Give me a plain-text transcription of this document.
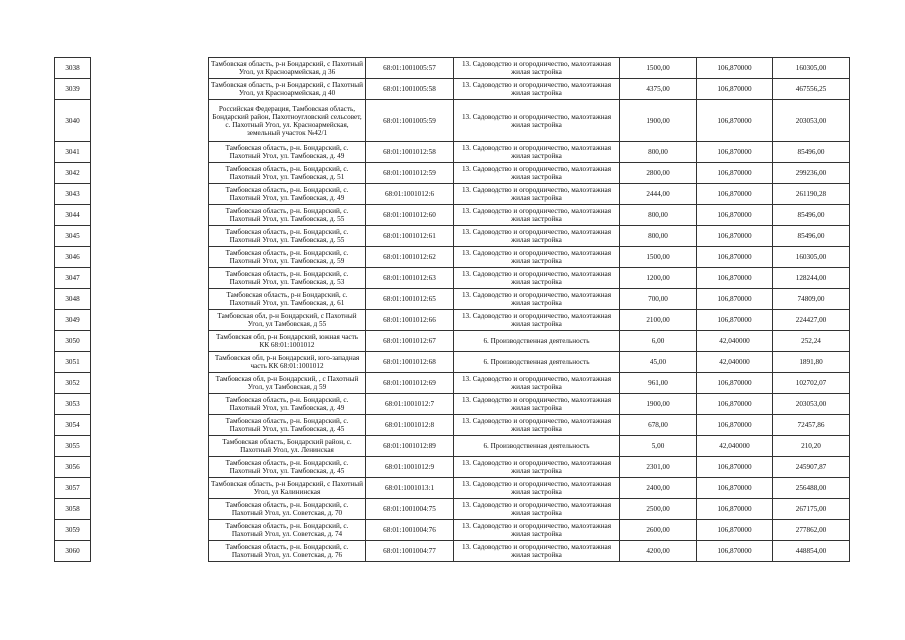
3038		Тамбовская область, р-н Бондарский, с Пахотный Угол, ул Красноармейская, д 36	68:01:1001005:57	13. Садоводство и огородничество, малоэтажная жилая застройка	1500,00	106,870000	160305,00
3039		Тамбовская область, р-н Бондарский, с Пахотный Угол, ул Красноармейская, д 40	68:01:1001005:58	13. Садоводство и огородничество, малоэтажная жилая застройка	4375,00	106,870000	467556,25
3040		Российская Федерация, Тамбовская область, Бондарский район, Пахотноугловский сельсовет, с. Пахотный Угол, ул. Красноармейская, земельный участок №42/1	68:01:1001005:59	13. Садоводство и огородничество, малоэтажная жилая застройка	1900,00	106,870000	203053,00
3041		Тамбовская область, р-н. Бондарский, с. Пахотный Угол, ул. Тамбовская, д. 49	68:01:1001012:58	13. Садоводство и огородничество, малоэтажная жилая застройка	800,00	106,870000	85496,00
3042		Тамбовская область, р-н. Бондарский, с. Пахотный Угол, ул. Тамбовская, д. 51	68:01:1001012:59	13. Садоводство и огородничество, малоэтажная жилая застройка	2800,00	106,870000	299236,00
3043		Тамбовская область, р-н. Бондарский, с. Пахотный Угол, ул. Тамбовская, д. 49	68:01:1001012:6	13. Садоводство и огородничество, малоэтажная жилая застройка	2444,00	106,870000	261190,28
3044		Тамбовская область, р-н. Бондарский, с. Пахотный Угол, ул. Тамбовская, д. 55	68:01:1001012:60	13. Садоводство и огородничество, малоэтажная жилая застройка	800,00	106,870000	85496,00
3045		Тамбовская область, р-н. Бондарский, с. Пахотный Угол, ул. Тамбовская, д. 55	68:01:1001012:61	13. Садоводство и огородничество, малоэтажная жилая застройка	800,00	106,870000	85496,00
3046		Тамбовская область, р-н. Бондарский, с. Пахотный Угол, ул. Тамбовская, д. 59	68:01:1001012:62	13. Садоводство и огородничество, малоэтажная жилая застройка	1500,00	106,870000	160305,00
3047		Тамбовская область, р-н. Бондарский, с. Пахотный Угол, ул. Тамбовская, д. 53	68:01:1001012:63	13. Садоводство и огородничество, малоэтажная жилая застройка	1200,00	106,870000	128244,00
3048		Тамбовская область, р-н Бондарский, с. Пахотный Угол, ул. Тамбовская, д. 61	68:01:1001012:65	13. Садоводство и огородничество, малоэтажная жилая застройка	700,00	106,870000	74809,00
3049		Тамбовская обл, р-н Бондарский, с Пахотный Угол, ул Тамбовская, д 55	68:01:1001012:66	13. Садоводство и огородничество, малоэтажная жилая застройка	2100,00	106,870000	224427,00
3050		Тамбовская обл, р-н Бондарский, южная часть КК 68:01:1001012	68:01:1001012:67	6. Производственная деятельность	6,00	42,040000	252,24
3051		Тамбовская обл, р-н Бондарский, юго-западная часть КК 68:01:1001012	68:01:1001012:68	6. Производственная деятельность	45,00	42,040000	1891,80
3052		Тамбовская обл, р-н Бондарский, , с Пахотный Угол, ул Тамбовская, д 59	68:01:1001012:69	13. Садоводство и огородничество, малоэтажная жилая застройка	961,00	106,870000	102702,07
3053		Тамбовская область, р-н. Бондарский, с. Пахотный Угол, ул. Тамбовская, д. 49	68:01:1001012:7	13. Садоводство и огородничество, малоэтажная жилая застройка	1900,00	106,870000	203053,00
3054		Тамбовская область, р-н. Бондарский, с. Пахотный Угол, ул. Тамбовская, д. 45	68:01:1001012:8	13. Садоводство и огородничество, малоэтажная жилая застройка	678,00	106,870000	72457,86
3055		Тамбовская область, Бондарский район, с. Пахотный Угол, ул. Ленинская	68:01:1001012:89	6. Производственная деятельность	5,00	42,040000	210,20
3056		Тамбовская область, р-н. Бондарский, с. Пахотный Угол, ул. Тамбовская, д. 45	68:01:1001012:9	13. Садоводство и огородничество, малоэтажная жилая застройка	2301,00	106,870000	245907,87
3057		Тамбовская область, р-н Бондарский, с Пахотный Угол, ул Калининская	68:01:1001013:1	13. Садоводство и огородничество, малоэтажная жилая застройка	2400,00	106,870000	256488,00
3058		Тамбовская область, р-н. Бондарский, с. Пахотный Угол, ул. Советская, д. 70	68:01:1001004:75	13. Садоводство и огородничество, малоэтажная жилая застройка	2500,00	106,870000	267175,00
3059		Тамбовская область, р-н. Бондарский, с. Пахотный Угол, ул. Советская, д. 74	68:01:1001004:76	13. Садоводство и огородничество, малоэтажная жилая застройка	2600,00	106,870000	277862,00
3060		Тамбовская область, р-н. Бондарский, с. Пахотный Угол, ул. Советская, д. 76	68:01:1001004:77	13. Садоводство и огородничество, малоэтажная жилая застройка	4200,00	106,870000	448854,00
